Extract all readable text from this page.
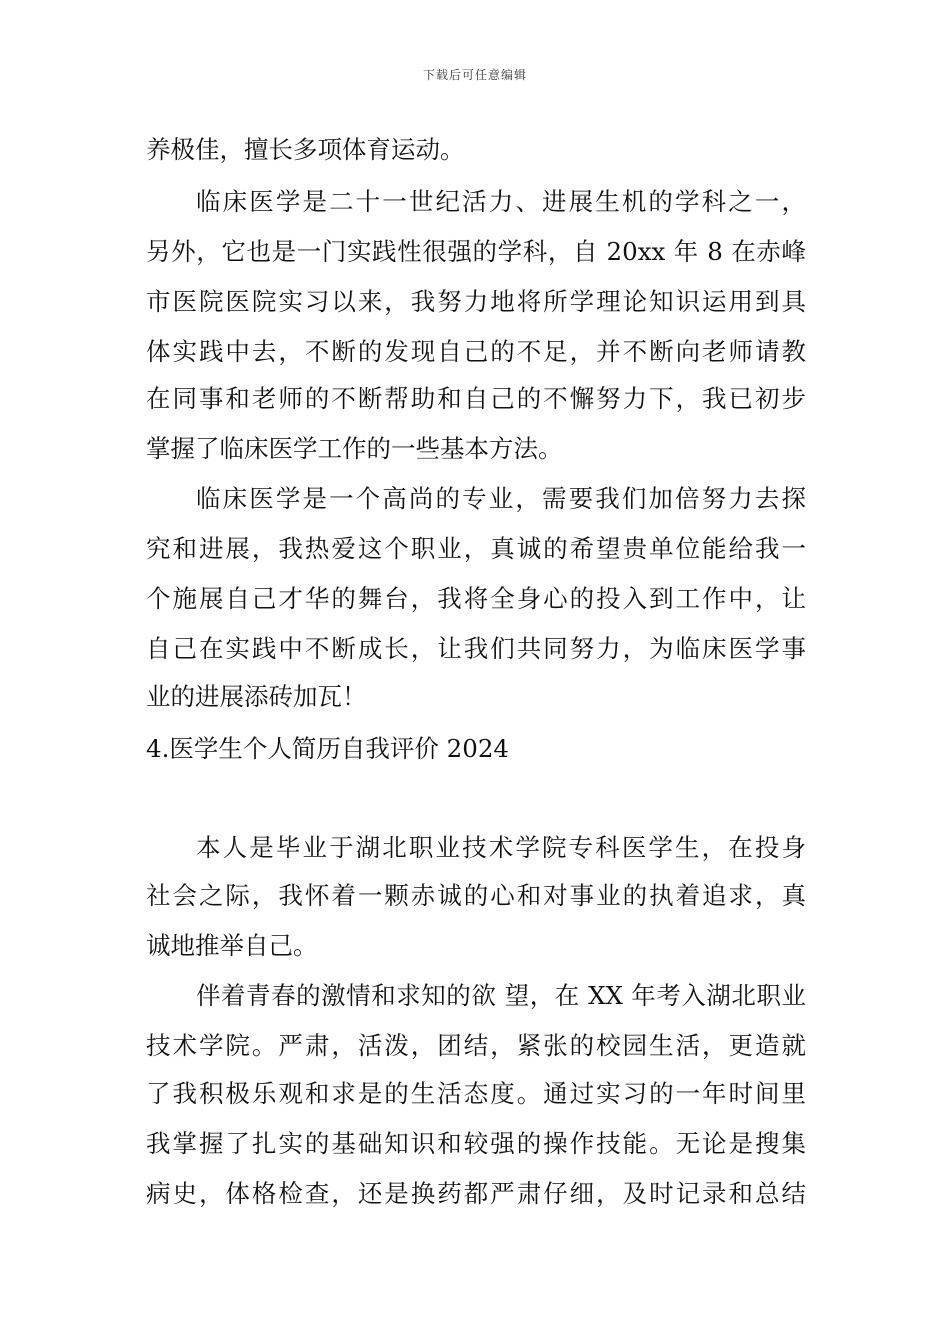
下载后可任意编辑
养极佳，擅长多项体育运动。
临床医学是二十一世纪活力、进展生机的学科之一，
另外，它也是一门实践性很强的学科，自 20xx 年 8 在赤峰
市医院医院实习以来，我努力地将所学理论知识运用到具
体实践中去，不断的发现自己的不足，并不断向老师请教
在同事和老师的不断帮助和自己的不懈努力下，我已初步
掌握了临床医学工作的一些基本方法。
临床医学是一个高尚的专业，需要我们加倍努力去探
究和进展，我热爱这个职业，真诚的希望贵单位能给我一
个施展自己才华的舞台，我将全身心的投入到工作中，让
自己在实践中不断成长，让我们共同努力，为临床医学事
业的进展添砖加瓦！
4.医学生个人简历自我评价 2024
本人是毕业于湖北职业技术学院专科医学生，在投身
社会之际，我怀着一颗赤诚的心和对事业的执着追求，真
诚地推举自己。
伴着青春的激情和求知的欲 望，在 XX 年考入湖北职业
技术学院。严肃，活泼，团结，紧张的校园生活，更造就
了我积极乐观和求是的生活态度。通过实习的一年时间里
我掌握了扎实的基础知识和较强的操作技能。无论是搜集
病史，体格检查，还是换药都严肃仔细，及时记录和总结
